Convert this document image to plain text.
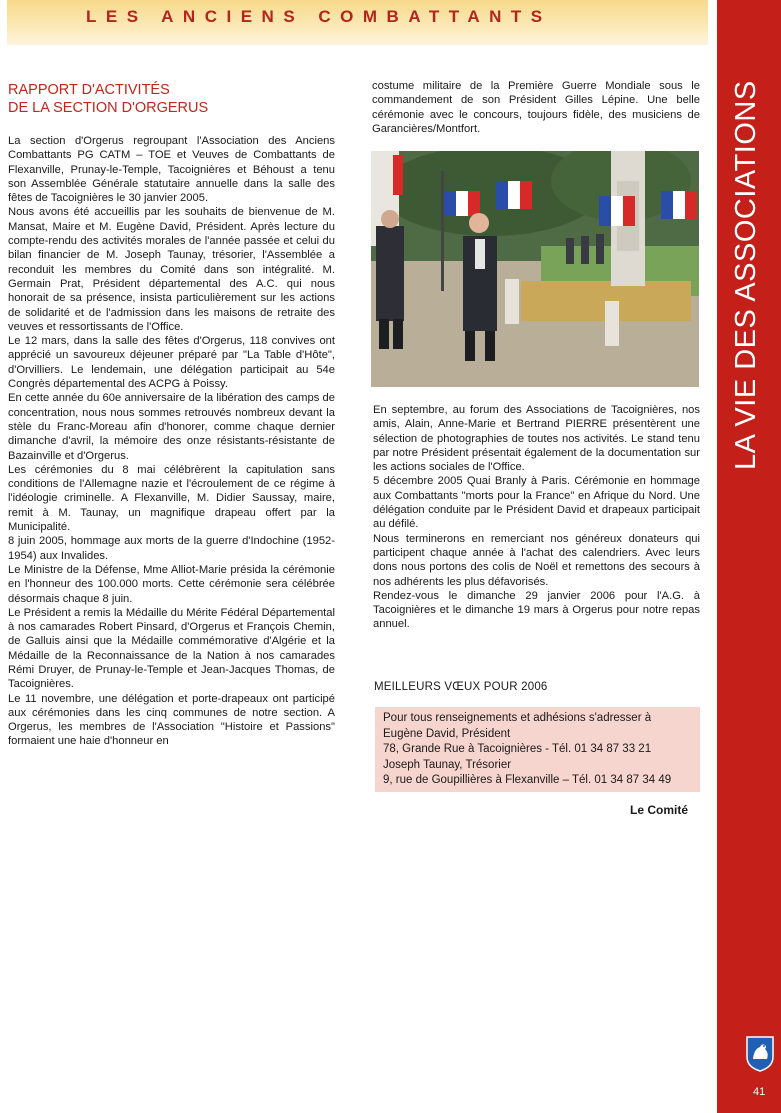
LES ANCIENS COMBATTANTS
LA VIE DES ASSOCIATIONS
41
RAPPORT D'ACTIVITÉS
DE LA SECTION D'ORGERUS

La section d'Orgerus regroupant l'Association des Anciens Combattants PG CATM – TOE et Veuves de Combattants de Flexanville, Prunay-le-Temple, Tacoignières et Béhoust a tenu son Assemblée Générale statutaire annuelle dans la salle des fêtes de Tacoignières le 30 janvier 2005.

Nous avons été accueillis par les souhaits de bienvenue de M. Mansat, Maire et M. Eugène David, Président. Après lecture du compte-rendu des activités morales de l'année passée et celui du bilan financier de M. Joseph Taunay, trésorier, l'Assemblée a reconduit les membres du Comité dans son intégralité. M. Germain Prat, Président départemental des A.C. qui nous honorait de sa présence, insista particulièrement sur les actions de solidarité et de l'admission dans les maisons de retraite des veuves et ressortissants de l'Office.

Le 12 mars, dans la salle des fêtes d'Orgerus, 118 convives ont apprécié un savoureux déjeuner préparé par "La Table d'Hôte", d'Orvilliers. Le lendemain, une délégation participait au 54e Congrès départemental des ACPG à Poissy.

En cette année du 60e anniversaire de la libération des camps de concentration, nous nous sommes retrouvés nombreux devant la stèle du Franc-Moreau afin d'honorer, comme chaque dernier dimanche d'avril, la mémoire des onze résistants-résistante de Bazainville et d'Orgerus.

Les cérémonies du 8 mai célébrèrent la capitulation sans conditions de l'Allemagne nazie et l'écroulement de ce régime à l'idéologie criminelle. A Flexanville, M. Didier Saussay, maire, remit à M. Taunay, un magnifique drapeau offert par la Municipalité.

8 juin 2005, hommage aux morts de la guerre d'Indochine (1952-1954) aux Invalides.

Le Ministre de la Défense, Mme Alliot-Marie présida la cérémonie en l'honneur des 100.000 morts. Cette cérémonie sera célébrée désormais chaque 8 juin.

Le Président a remis la Médaille du Mérite Fédéral Départemental à nos camarades Robert Pinsard, d'Orgerus et François Chemin, de Galluis ainsi que la Médaille commémorative d'Algérie et la Médaille de la Reconnaissance de la Nation à nos camarades Rémi Druyer, de Prunay-le-Temple et Jean-Jacques Thomas, de Tacoignières.

Le 11 novembre, une délégation et porte-drapeaux ont participé aux cérémonies dans les cinq communes de notre section. A Orgerus, les membres de l'Association "Histoire et Passions" formaient une haie d'honneur en

costume militaire de la Première Guerre Mondiale sous le commandement de son Président Gilles Lépine. Une belle cérémonie avec le concours, toujours fidèle, des musiciens de Garancières/Montfort.

En septembre, au forum des Associations de Tacoignières, nos amis, Alain, Anne-Marie et Bertrand PIERRE présentèrent une sélection de photographies de toutes nos activités. Le stand tenu par notre Président présentait également de la documentation sur les actions sociales de l'Office.

5 décembre 2005 Quai Branly à Paris. Cérémonie en hommage aux Combattants "morts pour la France" en Afrique du Nord. Une délégation conduite par le Président David et drapeaux participait au défilé.

Nous terminerons en remerciant nos généreux donateurs qui participent chaque année à l'achat des calendriers. Avec leurs dons nous portons des colis de Noël et remettons des secours à nos adhérents les plus défavorisés.

Rendez-vous le dimanche 29 janvier 2006 pour l'A.G. à Tacoignières et le dimanche 19 mars à Orgerus pour notre repas annuel.

MEILLEURS VŒUX POUR 2006
Pour tous renseignements et adhésions s'adresser à
Eugène David, Président
78, Grande Rue à Tacoignières - Tél. 01 34 87 33 21
Joseph Taunay, Trésorier
9, rue de Goupillières à Flexanville – Tél. 01 34 87 34 49
Le Comité
